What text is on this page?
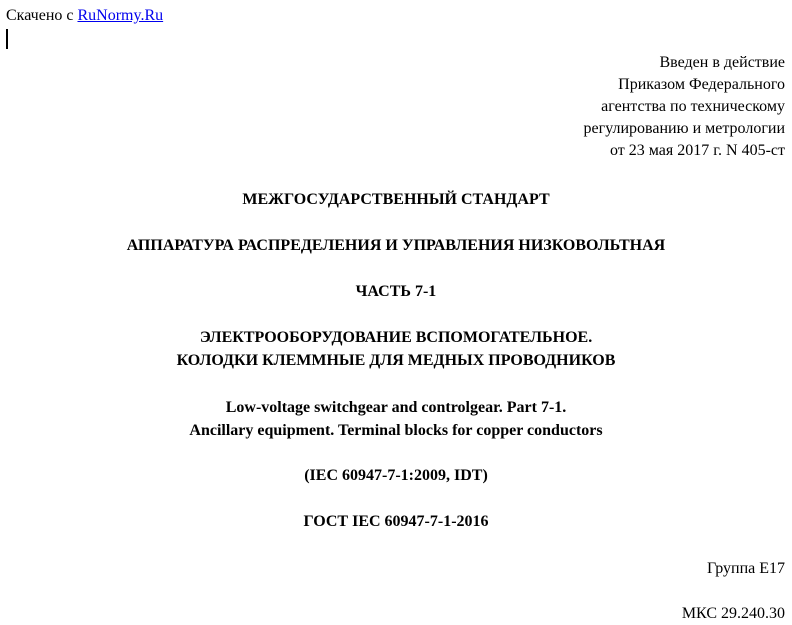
Скачено с RuNormy.Ru
Введен в действие
Приказом Федерального
агентства по техническому
регулированию и метрологии
от 23 мая 2017 г. N 405-ст
МЕЖГОСУДАРСТВЕННЫЙ СТАНДАРТ
АППАРАТУРА РАСПРЕДЕЛЕНИЯ И УПРАВЛЕНИЯ НИЗКОВОЛЬТНАЯ
ЧАСТЬ 7-1
ЭЛЕКТРООБОРУДОВАНИЕ ВСПОМОГАТЕЛЬНОЕ.
КОЛОДКИ КЛЕММНЫЕ ДЛЯ МЕДНЫХ ПРОВОДНИКОВ
Low-voltage switchgear and controlgear. Part 7-1.
Ancillary equipment. Terminal blocks for copper conductors
(IEC 60947-7-1:2009, IDT)
ГОСТ IEC 60947-7-1-2016
Группа Е17
МКС 29.240.30
